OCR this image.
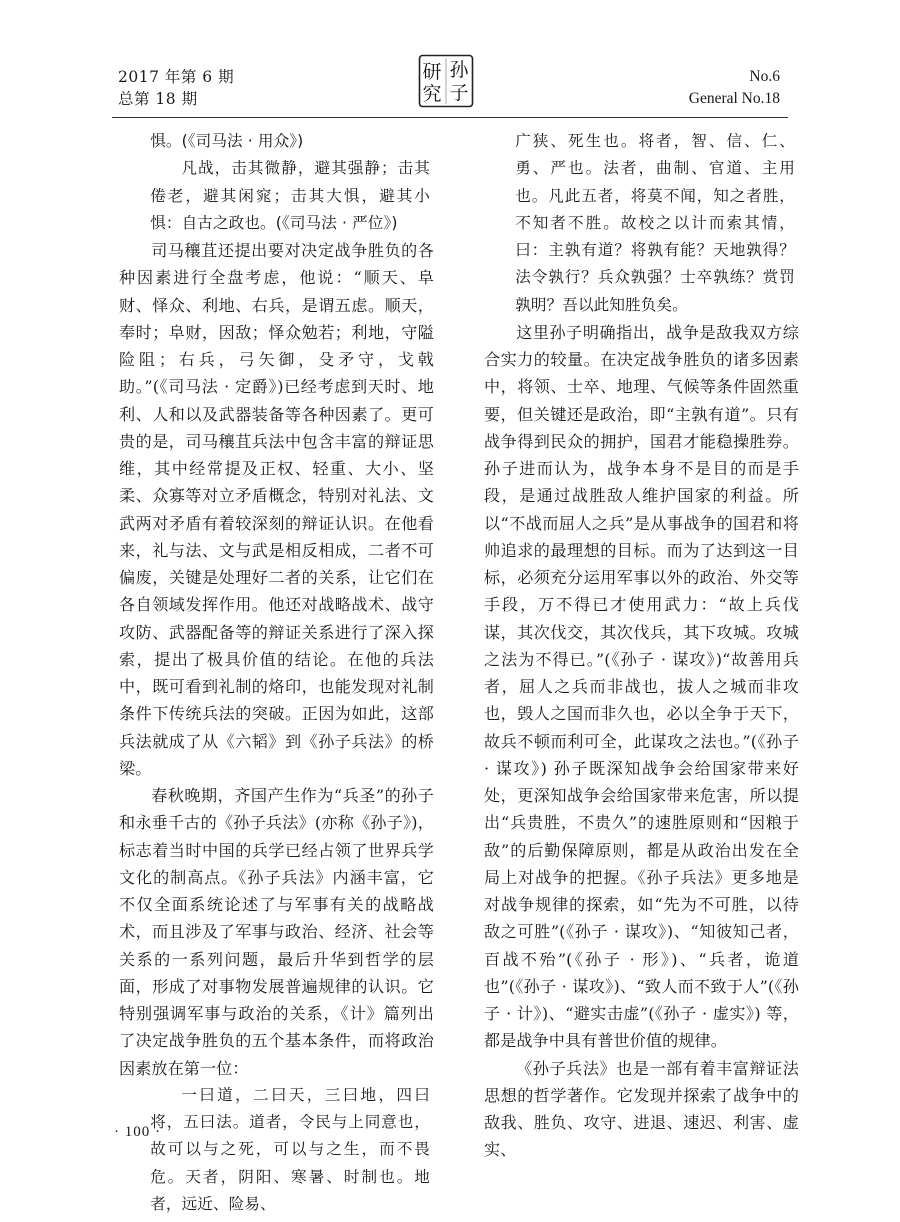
2017 年第 6 期
总第 18 期
研
究
孙
子
No.6
General No.18

惧。(《司马法 · 用众》)

凡战，击其微静，避其强静；击其倦老，避其闲窕；击其大惧，避其小惧：自古之政也。(《司马法 · 严位》)

司马穰苴还提出要对决定战争胜负的各种因素进行全盘考虑，他说：“顺天、阜财、怿众、利地、右兵，是谓五虑。顺天，奉时；阜财，因敌；怿众勉若；利地，守隘险阻；右兵，弓矢御，殳矛守，戈戟助。”(《司马法 · 定爵》)已经考虑到天时、地利、人和以及武器装备等各种因素了。更可贵的是，司马穰苴兵法中包含丰富的辩证思维，其中经常提及正权、轻重、大小、坚柔、众寡等对立矛盾概念，特别对礼法、文武两对矛盾有着较深刻的辩证认识。在他看来，礼与法、文与武是相反相成，二者不可偏废，关键是处理好二者的关系，让它们在各自领域发挥作用。他还对战略战术、战守攻防、武器配备等的辩证关系进行了深入探索，提出了极具价值的结论。在他的兵法中，既可看到礼制的烙印，也能发现对礼制条件下传统兵法的突破。正因为如此，这部兵法就成了从《六韬》到《孙子兵法》的桥梁。

春秋晚期，齐国产生作为“兵圣”的孙子和永垂千古的《孙子兵法》(亦称《孙子》)，标志着当时中国的兵学已经占领了世界兵学文化的制高点。《孙子兵法》内涵丰富，它不仅全面系统论述了与军事有关的战略战术，而且涉及了军事与政治、经济、社会等关系的一系列问题，最后升华到哲学的层面，形成了对事物发展普遍规律的认识。它特别强调军事与政治的关系，《计》篇列出了决定战争胜负的五个基本条件，而将政治因素放在第一位：

一曰道，二曰天，三曰地，四曰将，五曰法。道者，令民与上同意也，故可以与之死，可以与之生，而不畏危。天者，阴阳、寒暑、时制也。地者，远近、险易、

广狭、死生也。将者，智、信、仁、勇、严也。法者，曲制、官道、主用也。凡此五者，将莫不闻，知之者胜，不知者不胜。故校之以计而索其情，曰：主孰有道？将孰有能？天地孰得？法令孰行？兵众孰强？士卒孰练？赏罚孰明？吾以此知胜负矣。

这里孙子明确指出，战争是敌我双方综合实力的较量。在决定战争胜负的诸多因素中，将领、士卒、地理、气候等条件固然重要，但关键还是政治，即“主孰有道”。只有战争得到民众的拥护，国君才能稳操胜券。孙子进而认为，战争本身不是目的而是手段，是通过战胜敌人维护国家的利益。所以“不战而屈人之兵”是从事战争的国君和将帅追求的最理想的目标。而为了达到这一目标，必须充分运用军事以外的政治、外交等手段，万不得已才使用武力：“故上兵伐谋，其次伐交，其次伐兵，其下攻城。攻城之法为不得已。”(《孙子 · 谋攻》)“故善用兵者，屈人之兵而非战也，拔人之城而非攻也，毁人之国而非久也，必以全争于天下，故兵不顿而利可全，此谋攻之法也。”(《孙子 · 谋攻》) 孙子既深知战争会给国家带来好处，更深知战争会给国家带来危害，所以提出“兵贵胜，不贵久”的速胜原则和“因粮于敌”的后勤保障原则，都是从政治出发在全局上对战争的把握。《孙子兵法》更多地是对战争规律的探索，如“先为不可胜，以待敌之可胜”(《孙子 · 谋攻》)、“知彼知己者，百战不殆”(《孙子 · 形》)、“兵者，诡道也”(《孙子 · 谋攻》)、“致人而不致于人”(《孙子 · 计》)、“避实击虚”(《孙子 · 虚实》) 等，都是战争中具有普世价值的规律。

《孙子兵法》也是一部有着丰富辩证法思想的哲学著作。它发现并探索了战争中的敌我、胜负、攻守、进退、速迟、利害、虚实、

· 100 ·
